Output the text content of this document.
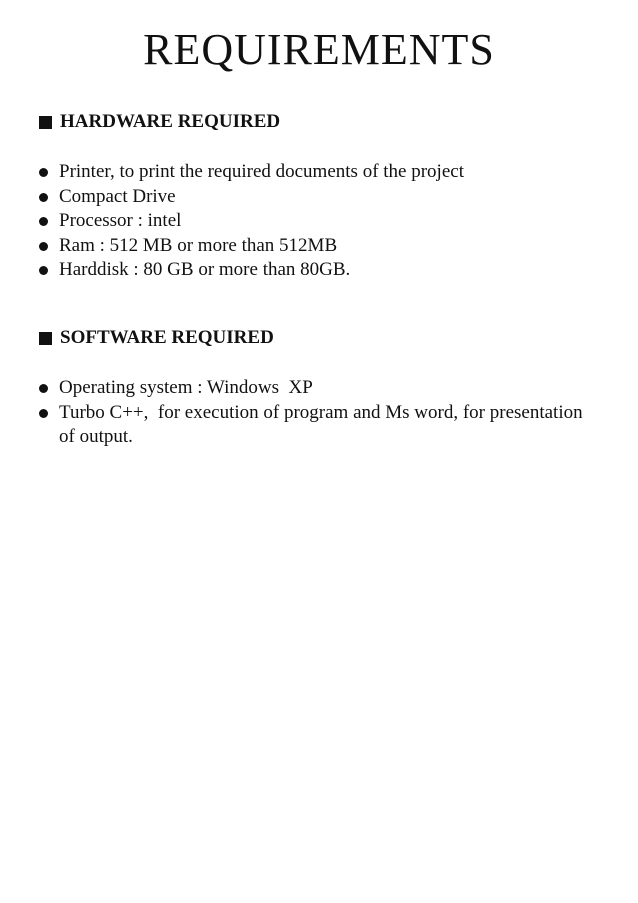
REQUIREMENTS
HARDWARE REQUIRED
Printer, to print the required documents of the project
Compact Drive
Processor : intel
Ram : 512 MB or more than 512MB
Harddisk : 80 GB or more than 80GB.
SOFTWARE REQUIRED
Operating system : Windows  XP
Turbo C++,  for execution of program and Ms word, for presentation of output.
